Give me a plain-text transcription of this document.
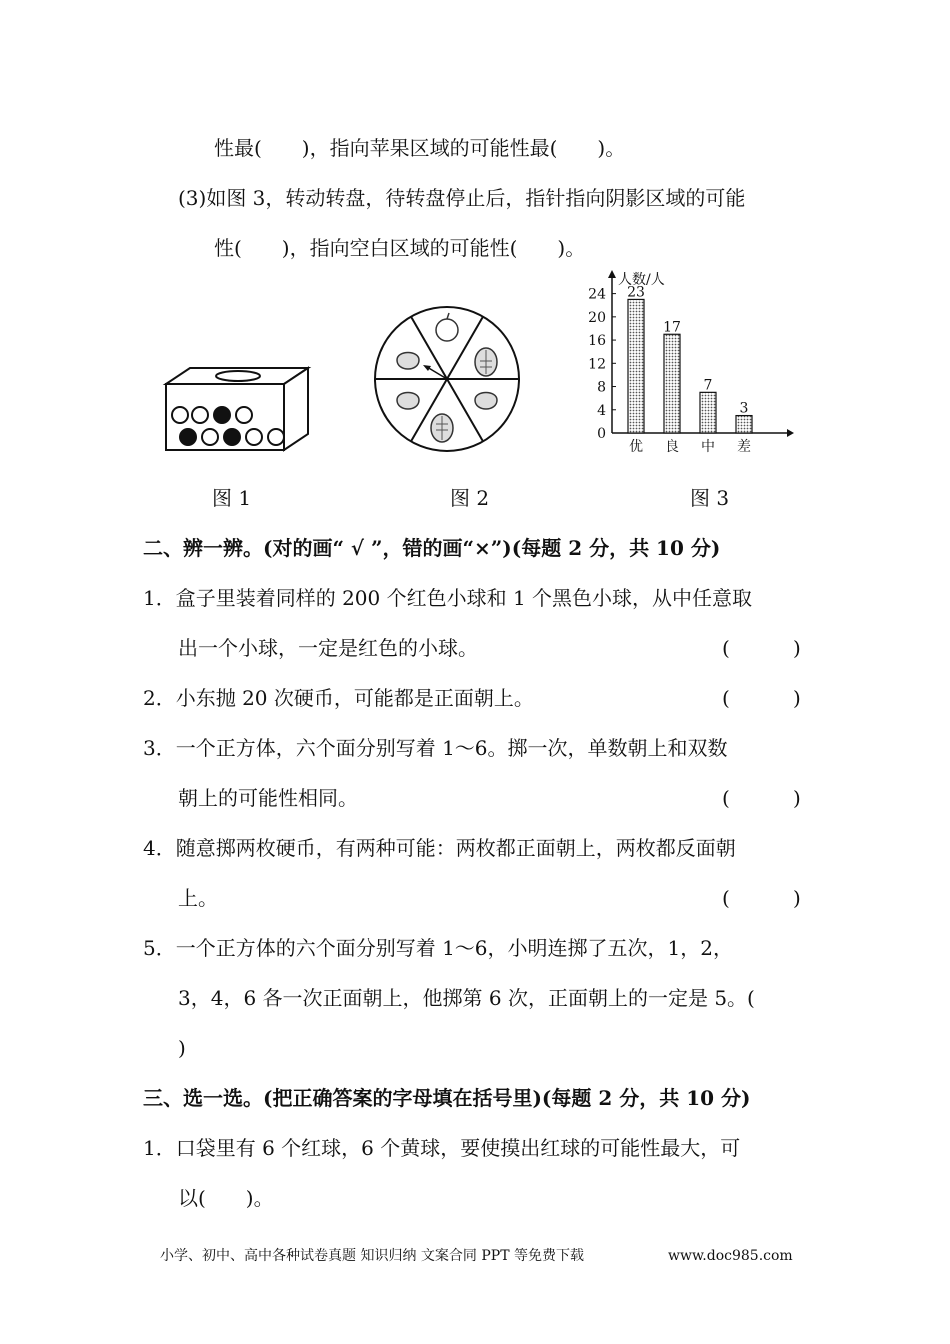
性最(　　)，指向苹果区域的可能性最(　　)。
(3)如图 3，转动转盘，待转盘停止后，指针指向阴影区域的可能
性(　　)，指向空白区域的可能性(　　)。
人数/人
0
4
8
12
16
20
24 23
优
17
良
7
中
3
差
图 1	图 2	图 3
二、辨一辨。(对的画“ √ ”，错的画“×”)(每题 2 分，共 10 分)
1．盒子里装着同样的 200 个红色小球和 1 个黑色小球，从中任意取
出一个小球，一定是红色的小球。	(	)
2．小东抛 20 次硬币，可能都是正面朝上。	(	)
3．一个正方体，六个面分别写着 1～6。掷一次，单数朝上和双数
朝上的可能性相同。	(	)
4．随意掷两枚硬币，有两种可能：两枚都正面朝上，两枚都反面朝
上。	(	)
5．一个正方体的六个面分别写着 1～6，小明连掷了五次，1，2，
3，4，6 各一次正面朝上，他掷第 6 次，正面朝上的一定是 5。(
)
三、选一选。(把正确答案的字母填在括号里)(每题 2 分，共 10 分)
1．口袋里有 6 个红球，6 个黄球，要使摸出红球的可能性最大，可
以(　　)。
小学、初中、高中各种试卷真题 知识归纳 文案合同 PPT 等免费下载	www.doc985.com
